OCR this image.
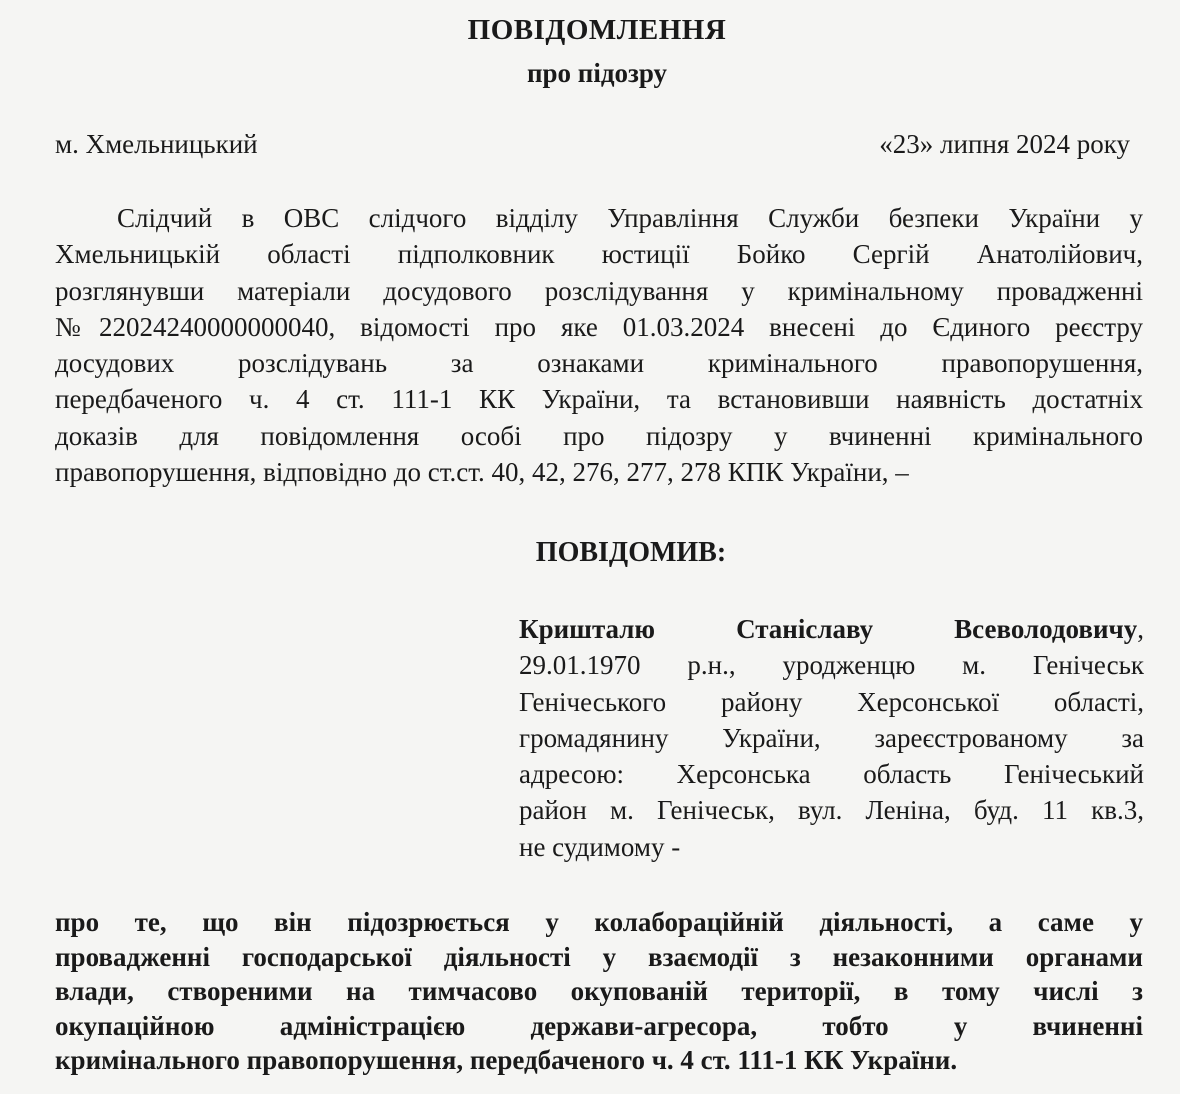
ПОВІДОМЛЕННЯ
про підозру
м. Хмельницький	«23» липня 2024 року
Слідчий в ОВС слідчого відділу Управління Служби безпеки України у
Хмельницькій області підполковник юстиції Бойко Сергій Анатолійович,
розглянувши матеріали досудового розслідування у кримінальному провадженні
№22024240000000040, відомості про яке 01.03.2024 внесені до Єдиного реєстру
досудових розслідувань за ознаками кримінального правопорушення,
передбаченого ч. 4 ст. 111-1 КК України, та встановивши наявність достатніх
доказів для повідомлення особі про підозру у вчиненні кримінального
правопорушення, відповідно до ст.ст. 40, 42, 276, 277, 278 КПК України, –
ПОВІДОМИВ:
Кришталю Станіславу Всеволодовичу,
29.01.1970 р.н., уродженцю м. Генічеськ
Генічеського району Херсонської області,
громадянину України, зареєстрованому за
адресою: Херсонська область Генічеський
район м. Генічеськ, вул. Леніна, буд. 11 кв.3,
не судимому -
про те, що він підозрюється у колабораційній діяльності, а саме у
провадженні господарської діяльності у взаємодії з незаконними органами
влади, створеними на тимчасово окупованій території, в тому числі з
окупаційною адміністрацією держави-агресора, тобто у вчиненні
кримінального правопорушення, передбаченого ч. 4 ст. 111-1 КК України.
